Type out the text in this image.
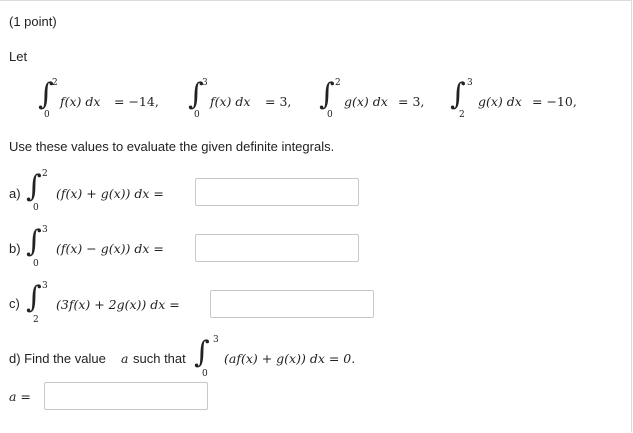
(1 point)
Let
∫
2
0
f(x) dx = −14, ∫
3
0
f(x) dx = 3, ∫ 2
0
g(x) dx = 3, ∫ 3
2
g(x) dx = −10,
Use these values to evaluate the given definite integrals.
a) ∫ 2
0
(f(x) + g(x)) dx =
b) ∫ 3
0
(f(x) − g(x)) dx =
c) ∫ 3
2
(3f(x) + 2g(x)) dx =
d) Find the value a such that ∫ 3
0
(af(x) + g(x)) dx = 0.
a =
